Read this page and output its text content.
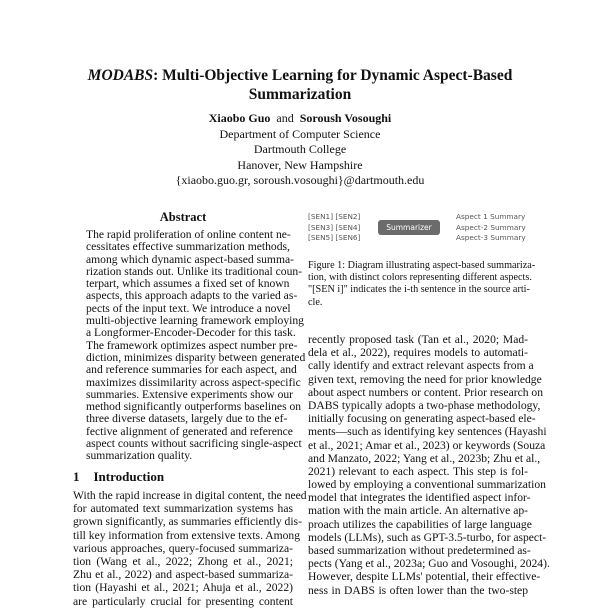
MODABS: Multi-Objective Learning for Dynamic Aspect-Based
Summarization
Xiaobo Guo and Soroush Vosoughi
Department of Computer Science
Dartmouth College
Hanover, New Hampshire
{xiaobo.guo.gr, soroush.vosoughi}@dartmouth.edu
Abstract
The rapid proliferation of online content ne-
cessitates effective summarization methods,
among which dynamic aspect-based summa-
rization stands out. Unlike its traditional coun-
terpart, which assumes a fixed set of known
aspects, this approach adapts to the varied as-
pects of the input text. We introduce a novel
multi-objective learning framework employing
a Longformer-Encoder-Decoder for this task.
The framework optimizes aspect number pre-
diction, minimizes disparity between generated
and reference summaries for each aspect, and
maximizes dissimilarity across aspect-specific
summaries. Extensive experiments show our
method significantly outperforms baselines on
three diverse datasets, largely due to the ef-
fective alignment of generated and reference
aspect counts without sacrificing single-aspect
summarization quality.
1 Introduction
With the rapid increase in digital content, the need
for automated text summarization systems has
grown significantly, as summaries efficiently dis-
till key information from extensive texts. Among
various approaches, query-focused summariza-
tion (Wang et al., 2022; Zhong et al., 2021;
Zhu et al., 2022) and aspect-based summariza-
tion (Hayashi et al., 2021; Ahuja et al., 2022)
are particularly crucial for presenting content
[SEN1] [SEN2]
[SEN3] [SEN4]
[SEN5] [SEN6]
Summarizer
Aspect 1 Summary
Aspect-2 Summary
Aspect-3 Summary
Figure 1: Diagram illustrating aspect-based summariza-
tion, with distinct colors representing different aspects.
"[SEN i]" indicates the i-th sentence in the source arti-
cle.
recently proposed task (Tan et al., 2020; Mad-
dela et al., 2022), requires models to automati-
cally identify and extract relevant aspects from a
given text, removing the need for prior knowledge
about aspect numbers or content. Prior research on
DABS typically adopts a two-phase methodology,
initially focusing on generating aspect-based ele-
ments—such as identifying key sentences (Hayashi
et al., 2021; Amar et al., 2023) or keywords (Souza
and Manzato, 2022; Yang et al., 2023b; Zhu et al.,
2021) relevant to each aspect. This step is fol-
lowed by employing a conventional summarization
model that integrates the identified aspect infor-
mation with the main article. An alternative ap-
proach utilizes the capabilities of large language
models (LLMs), such as GPT-3.5-turbo, for aspect-
based summarization without predetermined as-
pects (Yang et al., 2023a; Guo and Vosoughi, 2024).
However, despite LLMs' potential, their effective-
ness in DABS is often lower than the two-step
